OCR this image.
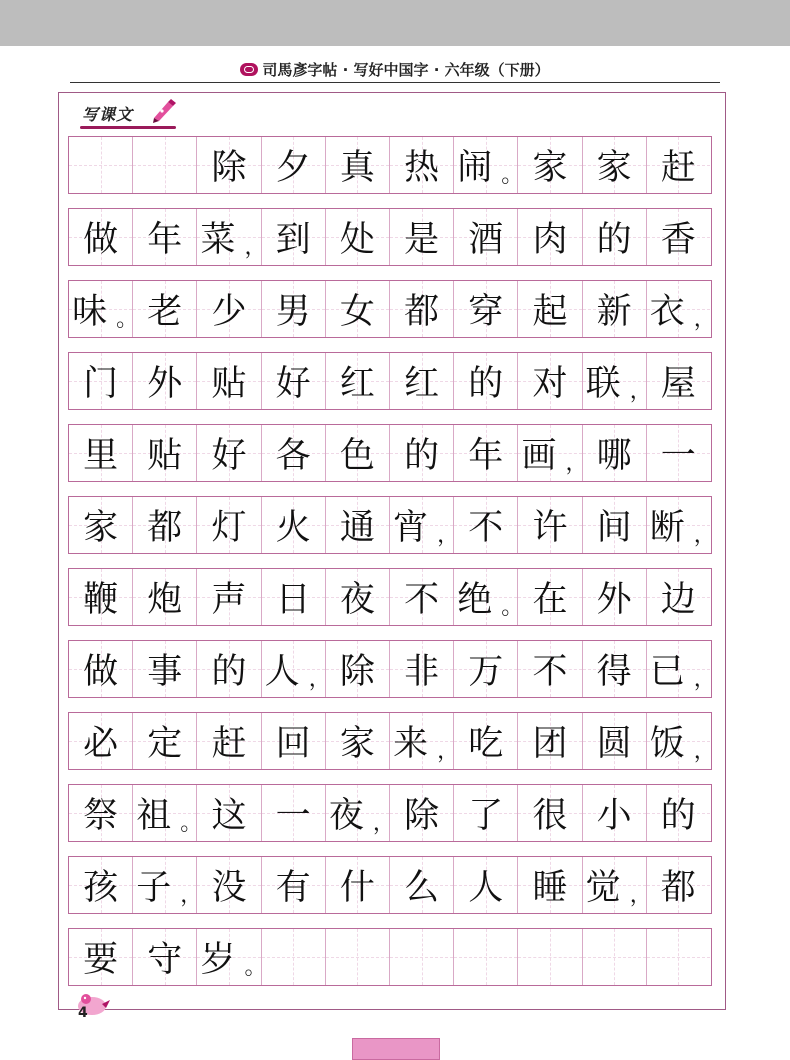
司馬彥字帖 · 写好中国字 · 六年级（下册）
写课文
除 夕 真 热 闹 。 家 家 赶
做 年 菜 ， 到 处 是 酒 肉 的 香
味 。 老 少 男 女 都 穿 起 新 衣 ，
门 外 贴 好 红 红 的 对 联 ， 屋
里 贴 好 各 色 的 年 画 ， 哪 一
家 都 灯 火 通 宵 ， 不 许 间 断 ，
鞭 炮 声 日 夜 不 绝 。 在 外 边
做 事 的 人 ， 除 非 万 不 得 已 ，
必 定 赶 回 家 来 ， 吃 团 圆 饭 ，
祭 祖 。 这 一 夜 ， 除 了 很 小 的
孩 子 ， 没 有 什 么 人 睡 觉 ， 都
要 守 岁 。
4
